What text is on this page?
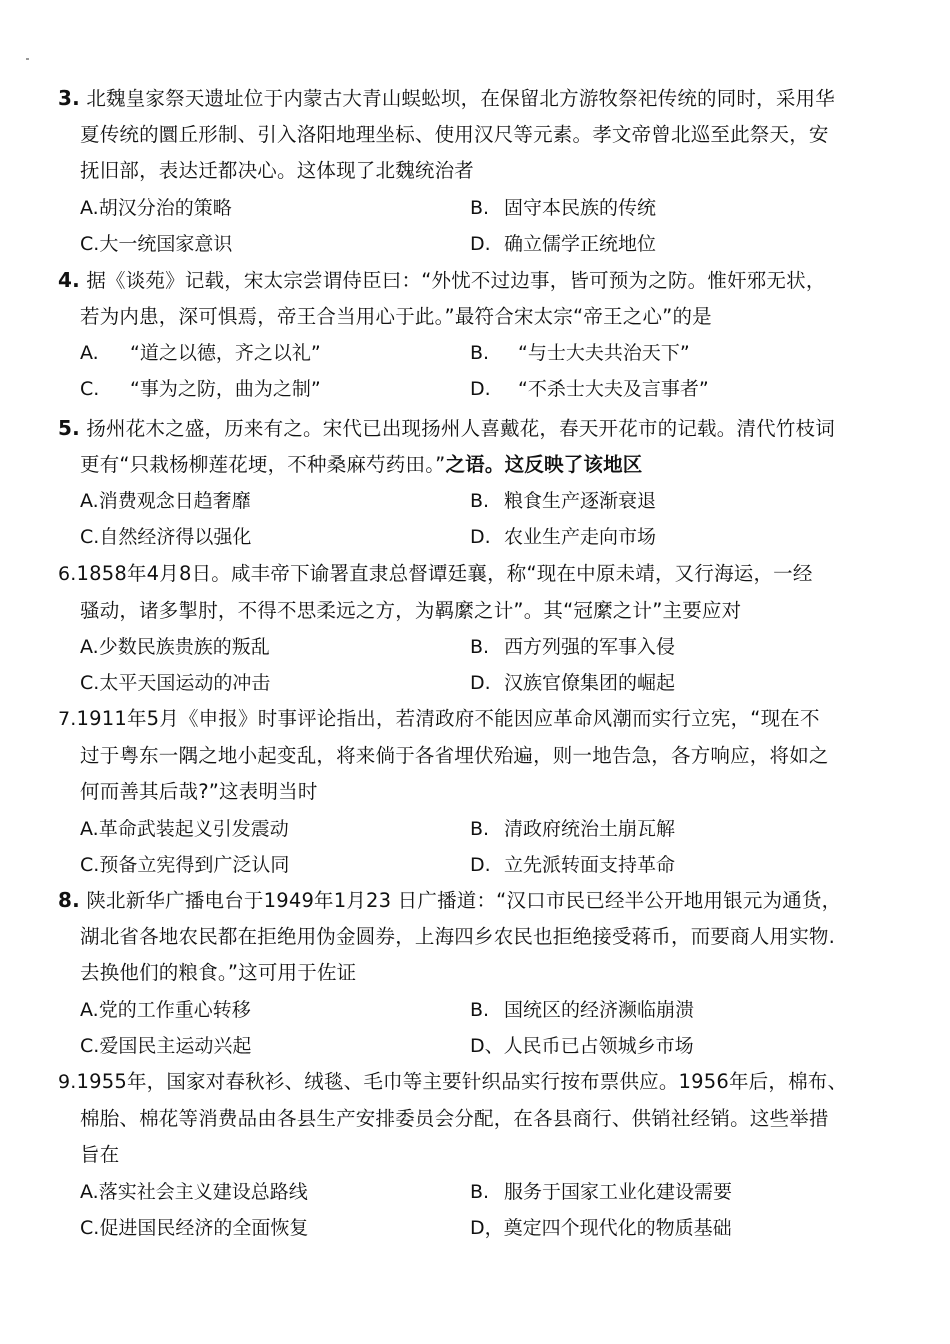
3. 北魏皇家祭天遗址位于内蒙古大青山蜈蚣坝，在保留北方游牧祭祀传统的同时，采用华
夏传统的圜丘形制、引入洛阳地理坐标、使用汉尺等元素。孝文帝曾北巡至此祭天，安
抚旧部，表达迁都决心。这体现了北魏统治者
A.胡汉分治的策略	B. 固守本民族的传统
C.大一统国家意识	D. 确立儒学正统地位
4. 据《谈苑》记载，宋太宗尝谓侍臣曰：“外忧不过边事，皆可预为之防。惟奸邪无状，
若为内患，深可惧焉，帝王合当用心于此。”最符合宋太宗“帝王之心”的是
A. “道之以德，齐之以礼”	B. “与士大夫共治天下”
C. “事为之防，曲为之制”	D. “不杀士大夫及言事者”
5. 扬州花木之盛，历来有之。宋代已出现扬州人喜戴花，春天开花市的记载。清代竹枝词
更有“只栽杨柳莲花埂，不种桑麻芍药田。”之语。这反映了该地区
A.消费观念日趋奢靡	B. 粮食生产逐渐衰退
C.自然经济得以强化	D. 农业生产走向市场
6.1858年4月8日。咸丰帝下谕署直隶总督谭廷襄，称“现在中原未靖，又行海运，一经
骚动，诸多掣肘，不得不思柔远之方，为羁縻之计”。其“冠縻之计”主要应对
A.少数民族贵族的叛乱	B. 西方列强的军事入侵
C.太平天国运动的冲击	D. 汉族官僚集团的崛起
7.1911年5月《申报》时事评论指出，若清政府不能因应革命风潮而实行立宪，“现在不
过于粤东一隅之地小起变乱，将来倘于各省埋伏殆遍，则一地告急，各方响应，将如之
何而善其后哉?”这表明当时
A.革命武装起义引发震动	B. 清政府统治土崩瓦解
C.预备立宪得到广泛认同	D. 立先派转面支持革命
8. 陕北新华广播电台于1949年1月23 日广播道：“汉口市民已经半公开地用银元为通货，
湖北省各地农民都在拒绝用伪金圆券，上海四乡农民也拒绝接受蒋币，而要商人用实物.
去换他们的粮食。”这可用于佐证
A.党的工作重心转移	B. 国统区的经济濒临崩溃
C.爱国民主运动兴起	D、人民币已占领城乡市场
9.1955年，国家对春秋衫、绒毯、毛巾等主要针织品实行按布票供应。1956年后，棉布、
棉胎、棉花等消费品由各县生产安排委员会分配，在各县商行、供销社经销。这些举措
旨在
A.落实社会主义建设总路线	B. 服务于国家工业化建设需要
C.促进国民经济的全面恢复	D，奠定四个现代化的物质基础
